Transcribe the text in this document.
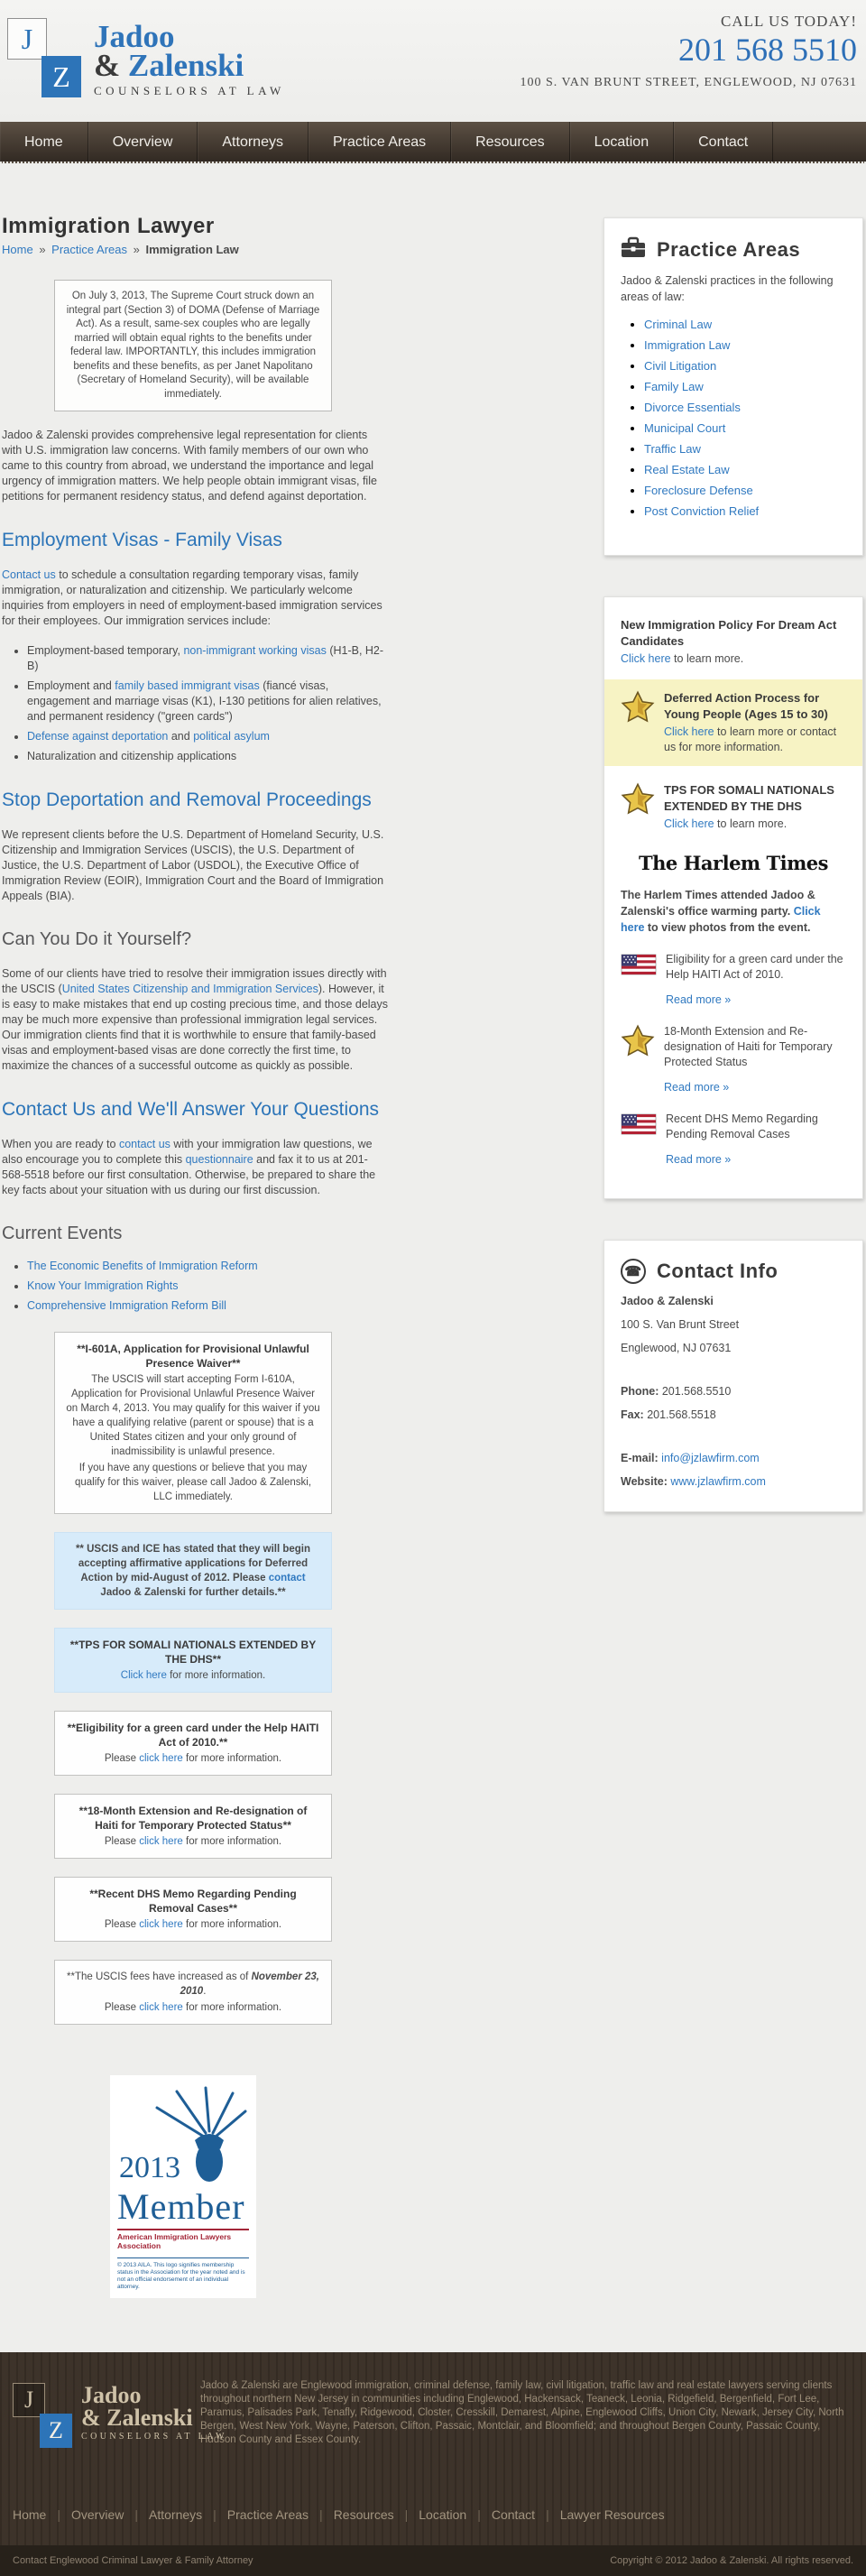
J
Z
Jadoo
& Zalenski
COUNSELORS AT LAW
CALL US TODAY!
201 568 5510
100 S. VAN BRUNT STREET, ENGLEWOOD, NJ 07631
Home	Overview	Attorneys	Practice Areas	Resources	Location	Contact
Practice Areas

Jadoo & Zalenski practices in the following areas of law:

• Criminal Law
• Immigration Law
• Civil Litigation
• Family Law
• Divorce Essentials
• Municipal Court
• Traffic Law
• Real Estate Law
• Foreclosure Defense
• Post Conviction Relief
New Immigration Policy For Dream Act Candidates
Click here to learn more.
Deferred Action Process for Young People (Ages 15 to 30)
Click here to learn more or contact us for more information.
TPS FOR SOMALI NATIONALS EXTENDED BY THE DHS
Click here to learn more.
The Harlem Times

The Harlem Times attended Jadoo & Zalenski's office warming party. Click here to view photos from the event.

Eligibility for a green card under the Help HAITI Act of 2010.
Read more »
18-Month Extension and Re-designation of Haiti for Temporary Protected Status
Read more »
Recent DHS Memo Regarding Pending Removal Cases
Read more »
☎ Contact Info

Jadoo & Zalenski

100 S. Van Brunt Street

Englewood, NJ 07631

Phone: 201.568.5510

Fax: 201.568.5518

E-mail: info@jzlawfirm.com

Website: www.jzlawfirm.com

Immigration Lawyer
Home » Practice Areas » Immigration Law
On July 3, 2013, The Supreme Court struck down an integral part (Section 3) of DOMA (Defense of Marriage Act). As a result, same-sex couples who are legally married will obtain equal rights to the benefits under federal law. IMPORTANTLY, this includes immigration benefits and these benefits, as per Janet Napolitano (Secretary of Homeland Security), will be available immediately.

Jadoo & Zalenski provides comprehensive legal representation for clients with U.S. immigration law concerns. With family members of our own who came to this country from abroad, we understand the importance and legal urgency of immigration matters. We help people obtain immigrant visas, file petitions for permanent residency status, and defend against deportation.

Employment Visas - Family Visas

Contact us to schedule a consultation regarding temporary visas, family immigration, or naturalization and citizenship. We particularly welcome inquiries from employers in need of employment-based immigration services for their employees. Our immigration services include:

• Employment-based temporary, non-immigrant working visas (H1-B, H2-B)
• Employment and family based immigrant visas (fiancé visas, engagement and marriage visas (K1), I-130 petitions for alien relatives, and permanent residency ("green cards")
• Defense against deportation and political asylum
• Naturalization and citizenship applications
Stop Deportation and Removal Proceedings

We represent clients before the U.S. Department of Homeland Security, U.S. Citizenship and Immigration Services (USCIS), the U.S. Department of Justice, the U.S. Department of Labor (USDOL), the Executive Office of Immigration Review (EOIR), Immigration Court and the Board of Immigration Appeals (BIA).

Can You Do it Yourself?

Some of our clients have tried to resolve their immigration issues directly with the USCIS (United States Citizenship and Immigration Services). However, it is easy to make mistakes that end up costing precious time, and those delays may be much more expensive than professional immigration legal services. Our immigration clients find that it is worthwhile to ensure that family-based visas and employment-based visas are done correctly the first time, to maximize the chances of a successful outcome as quickly as possible.

Contact Us and We'll Answer Your Questions

When you are ready to contact us with your immigration law questions, we also encourage you to complete this questionnaire and fax it to us at 201-568-5518 before our first consultation. Otherwise, be prepared to share the key facts about your situation with us during our first discussion.

Current Events
• The Economic Benefits of Immigration Reform
• Know Your Immigration Rights
• Comprehensive Immigration Reform Bill
**I-601A, Application for Provisional Unlawful Presence Waiver**

The USCIS will start accepting Form I-610A, Application for Provisional Unlawful Presence Waiver on March 4, 2013. You may qualify for this waiver if you have a qualifying relative (parent or spouse) that is a United States citizen and your only ground of inadmissibility is unlawful presence.

If you have any questions or believe that you may qualify for this waiver, please call Jadoo & Zalenski, LLC immediately.

** USCIS and ICE has stated that they will begin accepting affirmative applications for Deferred Action by mid-August of 2012. Please contact Jadoo & Zalenski for further details.**
**TPS FOR SOMALI NATIONALS EXTENDED BY THE DHS**

Click here for more information.

**Eligibility for a green card under the Help HAITI Act of 2010.**

Please click here for more information.

**18-Month Extension and Re-designation of Haiti for Temporary Protected Status**

Please click here for more information.

**Recent DHS Memo Regarding Pending Removal Cases**

Please click here for more information.

**The USCIS fees have increased as of November 23, 2010.

Please click here for more information.

2013
Member
American Immigration Lawyers Association
© 2013 AILA. This logo signifies membership status in the Association for the year noted and is not an official endorsement of an individual attorney.
J
Z
Jadoo
& Zalenski
COUNSELORS AT LAW
Jadoo & Zalenski are Englewood immigration, criminal defense, family law, civil litigation, traffic law and real estate lawyers serving clients throughout northern New Jersey in communities including Englewood, Hackensack, Teaneck, Leonia, Ridgefield, Bergenfield, Fort Lee, Paramus, Palisades Park, Tenafly, Ridgewood, Closter, Cresskill, Demarest, Alpine, Englewood Cliffs, Union City, Newark, Jersey City, North Bergen, West New York, Wayne, Paterson, Clifton, Passaic, Montclair, and Bloomfield; and throughout Bergen County, Passaic County, Hudson County and Essex County.
Home | Overview | Attorneys | Practice Areas | Resources | Location | Contact | Lawyer Resources
Contact Englewood Criminal Lawyer & Family Attorney	Copyright © 2012 Jadoo & Zalenski. All rights reserved.
